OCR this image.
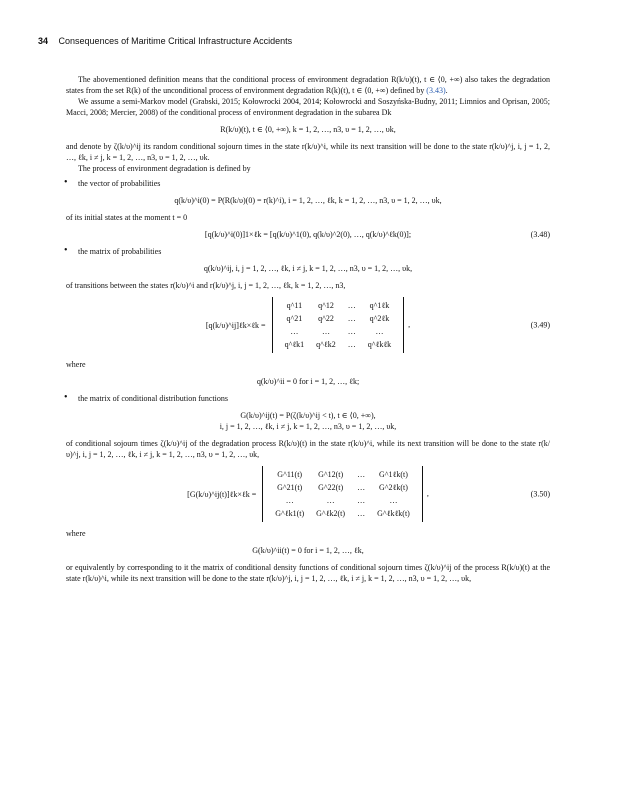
34 Consequences of Maritime Critical Infrastructure Accidents

The abovementioned definition means that the conditional process of environment degradation R(k/υ)(t), t ∈ ⟨0, +∞) also takes the degradation states from the set R(k) of the unconditional process of environment degradation R(k)(t), t ∈ ⟨0, +∞) defined by (3.43).

We assume a semi-Markov model (Grabski, 2015; Kołowrocki 2004, 2014; Kołowrocki and Soszyńska-Budny, 2011; Limnios and Oprisan, 2005; Macci, 2008; Mercier, 2008) of the conditional process of environment degradation in the subarea Dk

R(k/υ)(t), t ∈ ⟨0, +∞), k = 1, 2, …, n3, υ = 1, 2, …, υk,

and denote by ζ(k/υ)^ij its random conditional sojourn times in the state r(k/υ)^i, while its next transition will be done to the state r(k/υ)^j, i, j = 1, 2, …, ℓk, i ≠ j, k = 1, 2, …, n3, υ = 1, 2, …, υk.

The process of environment degradation is defined by

• the vector of probabilities
q(k/υ)^i(0) = P(R(k/υ)(0) = r(k)^i), i = 1, 2, …, ℓk, k = 1, 2, …, n3, υ = 1, 2, …, υk,

of its initial states at the moment t = 0

[q(k/υ)^i(0)]1×ℓk = [q(k/υ)^1(0), q(k/υ)^2(0), …, q(k/υ)^ℓk(0)];	(3.48)
• the matrix of probabilities
q(k/υ)^ij, i, j = 1, 2, …, ℓk, i ≠ j, k = 1, 2, …, n3, υ = 1, 2, …, υk,

of transitions between the states r(k/υ)^i and r(k/υ)^j, i, j = 1, 2, …, ℓk, k = 1, 2, …, n3,

[q(k/υ)^ij]ℓk×ℓk =
q^11	q^12	…	q^1ℓk
q^21	q^22	…	q^2ℓk
…	…	…	…
q^ℓk1	q^ℓk2	…	q^ℓkℓk
,	(3.49)

where

q(k/υ)^ii = 0 for i = 1, 2, …, ℓk;
• the matrix of conditional distribution functions
G(k/υ)^ij(t) = P(ζ(k/υ)^ij < t), t ∈ ⟨0, +∞),
i, j = 1, 2, …, ℓk, i ≠ j, k = 1, 2, …, n3, υ = 1, 2, …, υk,

of conditional sojourn times ζ(k/υ)^ij of the degradation process R(k/υ)(t) in the state r(k/υ)^i, while its next transition will be done to the state r(k/υ)^j, i, j = 1, 2, …, ℓk, i ≠ j, k = 1, 2, …, n3, υ = 1, 2, …, υk,

[G(k/υ)^ij(t)]ℓk×ℓk =
G^11(t)	G^12(t)	…	G^1ℓk(t)
G^21(t)	G^22(t)	…	G^2ℓk(t)
…	…	…	…
G^ℓk1(t)	G^ℓk2(t)	…	G^ℓkℓk(t)
,	(3.50)

where

G(k/υ)^ii(t) = 0 for i = 1, 2, …, ℓk,

or equivalently by corresponding to it the matrix of conditional density functions of conditional sojourn times ζ(k/υ)^ij of the process R(k/υ)(t) at the state r(k/υ)^i, while its next transition will be done to the state r(k/υ)^j, i, j = 1, 2, …, ℓk, i ≠ j, k = 1, 2, …, n3, υ = 1, 2, …, υk,
